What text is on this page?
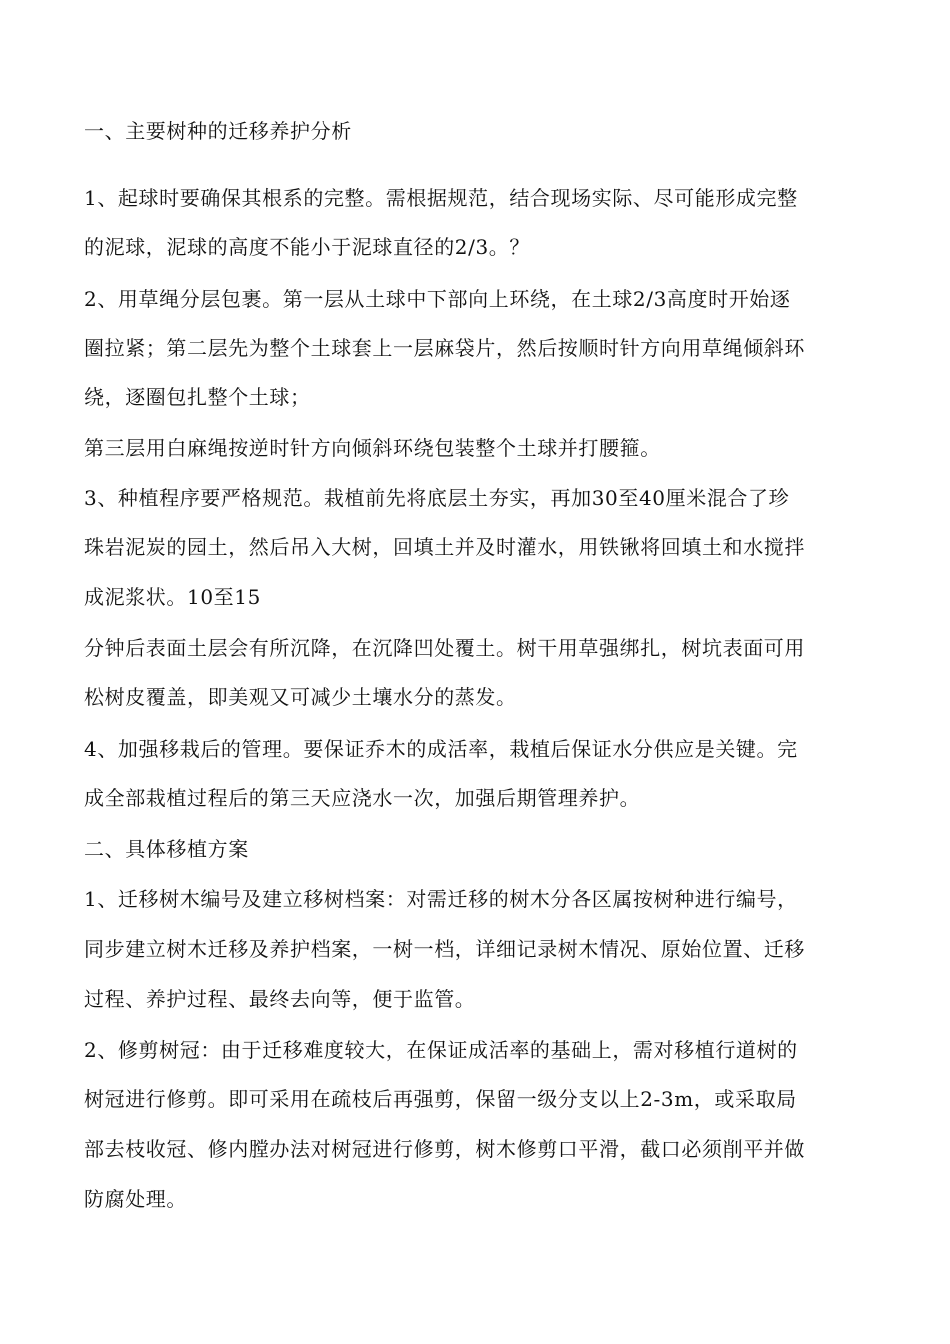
一、主要树种的迁移养护分析
1、起球时要确保其根系的完整。需根据规范，结合现场实际、尽可能形成完整
的泥球，泥球的高度不能小于泥球直径的2/3。？
2、用草绳分层包裹。第一层从土球中下部向上环绕，在土球2/3高度时开始逐
圈拉紧；第二层先为整个土球套上一层麻袋片，然后按顺时针方向用草绳倾斜环
绕，逐圈包扎整个土球；
第三层用白麻绳按逆时针方向倾斜环绕包装整个土球并打腰箍。
3、种植程序要严格规范。栽植前先将底层土夯实，再加30至40厘米混合了珍
珠岩泥炭的园土，然后吊入大树，回填土并及时灌水，用铁锹将回填土和水搅拌
成泥浆状。10至15
分钟后表面土层会有所沉降，在沉降凹处覆土。树干用草强绑扎，树坑表面可用
松树皮覆盖，即美观又可减少土壤水分的蒸发。
4、加强移栽后的管理。要保证乔木的成活率，栽植后保证水分供应是关键。完
成全部栽植过程后的第三天应浇水一次，加强后期管理养护。
二、具体移植方案
1、迁移树木编号及建立移树档案：对需迁移的树木分各区属按树种进行编号，
同步建立树木迁移及养护档案，一树一档，详细记录树木情况、原始位置、迁移
过程、养护过程、最终去向等，便于监管。
2、修剪树冠：由于迁移难度较大，在保证成活率的基础上，需对移植行道树的
树冠进行修剪。即可采用在疏枝后再强剪，保留一级分支以上2-3m，或采取局
部去枝收冠、修内膛办法对树冠进行修剪，树木修剪口平滑，截口必须削平并做
防腐处理。
